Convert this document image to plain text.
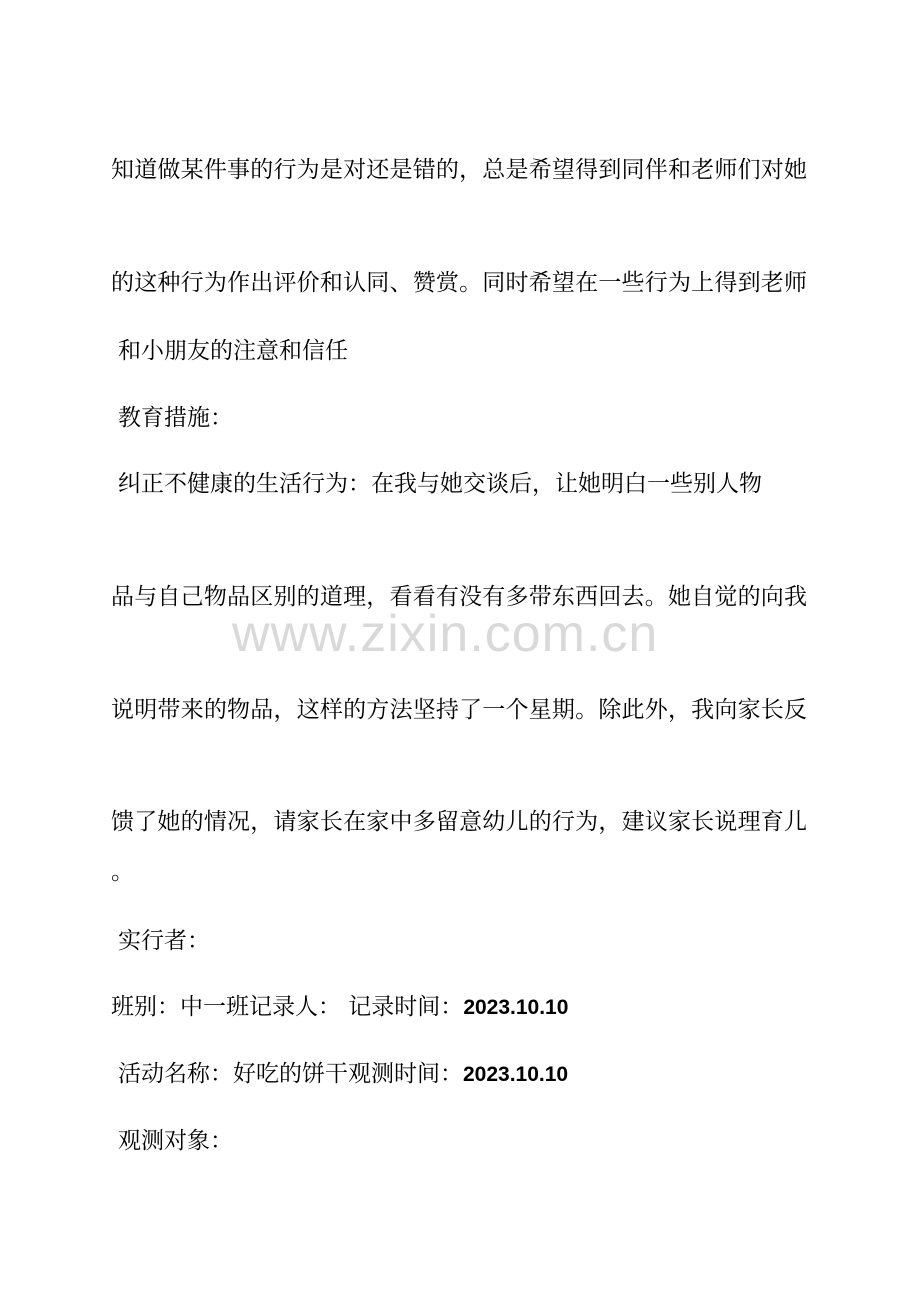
知道做某件事的行为是对还是错的，总是希望得到同伴和老师们对她
的这种行为作出评价和认同、赞赏。同时希望在一些行为上得到老师
和小朋友的注意和信任
教育措施：
纠正不健康的生活行为：在我与她交谈后，让她明白一些别人物
品与自己物品区别的道理，看看有没有多带东西回去。她自觉的向我
说明带来的物品，这样的方法坚持了一个星期。除此外，我向家长反
馈了她的情况，请家长在家中多留意幼儿的行为，建议家长说理育儿
。
实行者：
班别：中一班记录人： 记录时间：2023.10.10
活动名称：好吃的饼干观测时间：2023.10.10
观测对象：
www.zixin.com.cn
